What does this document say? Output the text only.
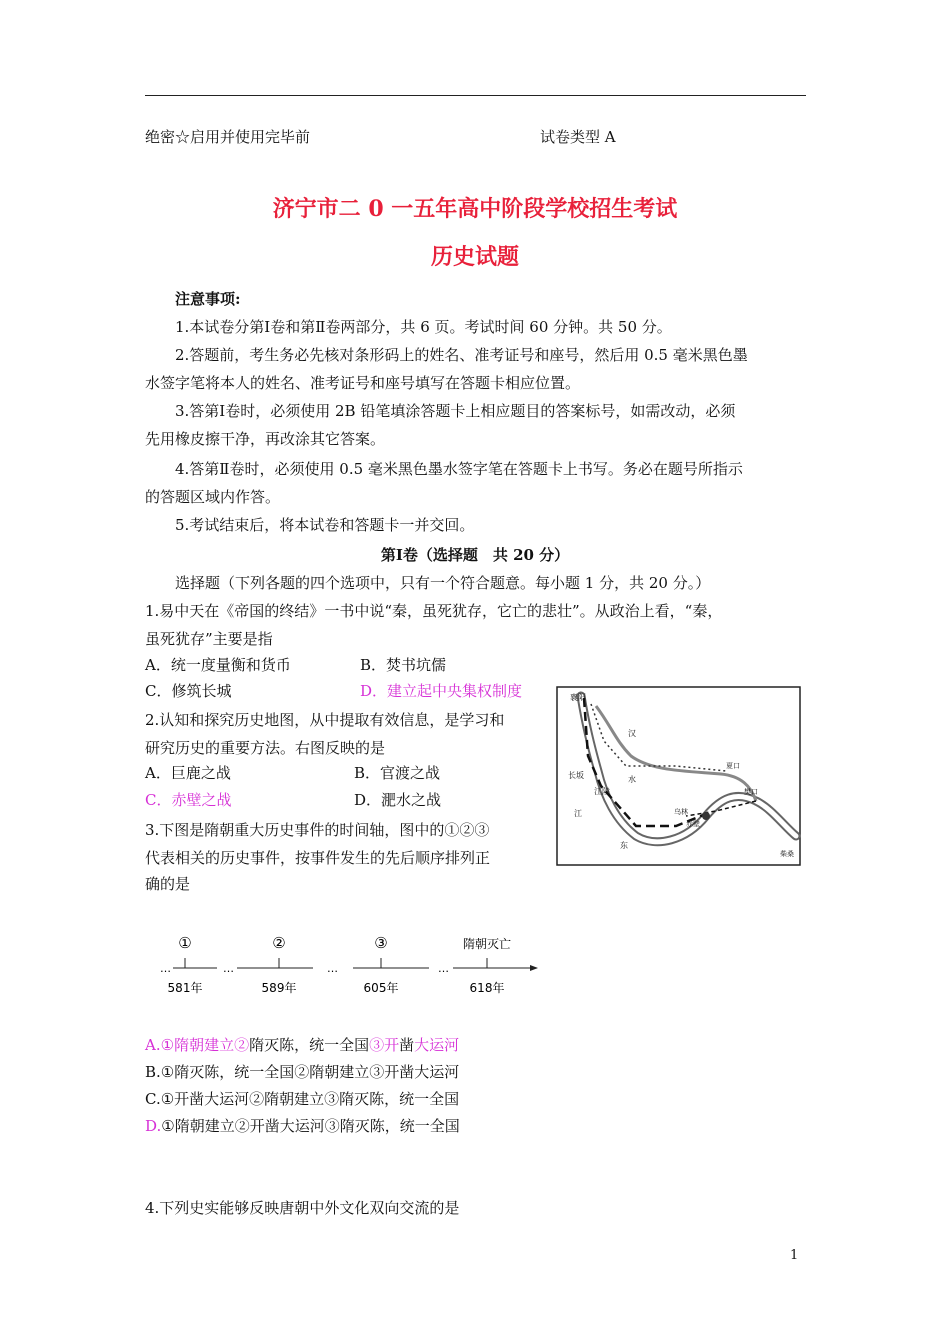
绝密☆启用并使用完毕前	试卷类型 A
济宁市二 0 一五年高中阶段学校招生考试
历史试题
注意事项:
1.本试卷分第Ⅰ卷和第Ⅱ卷两部分，共 6 页。考试时间 60 分钟。共 50 分。
2.答题前，考生务必先核对条形码上的姓名、准考证号和座号，然后用 0.5 毫米黑色墨
水签字笔将本人的姓名、准考证号和座号填写在答题卡相应位置。
3.答第Ⅰ卷时，必须使用 2B 铅笔填涂答题卡上相应题目的答案标号，如需改动，必须
先用橡皮擦干净，再改涂其它答案。
4.答第Ⅱ卷时，必须使用 0.5 毫米黑色墨水签字笔在答题卡上书写。务必在题号所指示
的答题区域内作答。
5.考试结束后，将本试卷和答题卡一并交回。
第Ⅰ卷（选择题　共 20 分）
选择题（下列各题的四个选项中，只有一个符合题意。每小题 1 分，共 20 分。）
1.易中天在《帝国的终结》一书中说“秦，虽死犹存，它亡的悲壮”。从政治上看，“秦，
虽死犹存”主要是指
A．统一度量衡和货币	B．焚书坑儒
C．修筑长城	D．建立起中央集权制度
2.认知和探究历史地图，从中提取有效信息，是学习和
研究历史的重要方法。右图反映的是
A．巨鹿之战	B．官渡之战
C．赤壁之战	D．淝水之战
襄阳
汉
长坂	水
江陵
江	乌林
赤壁
东
夏口
樊口
柴桑
3.下图是隋朝重大历史事件的时间轴，图中的①②③
代表相关的历史事件，按事件发生的先后顺序排列正
确的是
…	…	…	…
①	②	③	隋朝灭亡
581年	589年	605年	618年
A.①隋朝建立②隋灭陈，统一全国③开凿大运河
B.①隋灭陈，统一全国②隋朝建立③开凿大运河
C.①开凿大运河②隋朝建立③隋灭陈，统一全国
D.①隋朝建立②开凿大运河③隋灭陈，统一全国
4.下列史实能够反映唐朝中外文化双向交流的是
1
